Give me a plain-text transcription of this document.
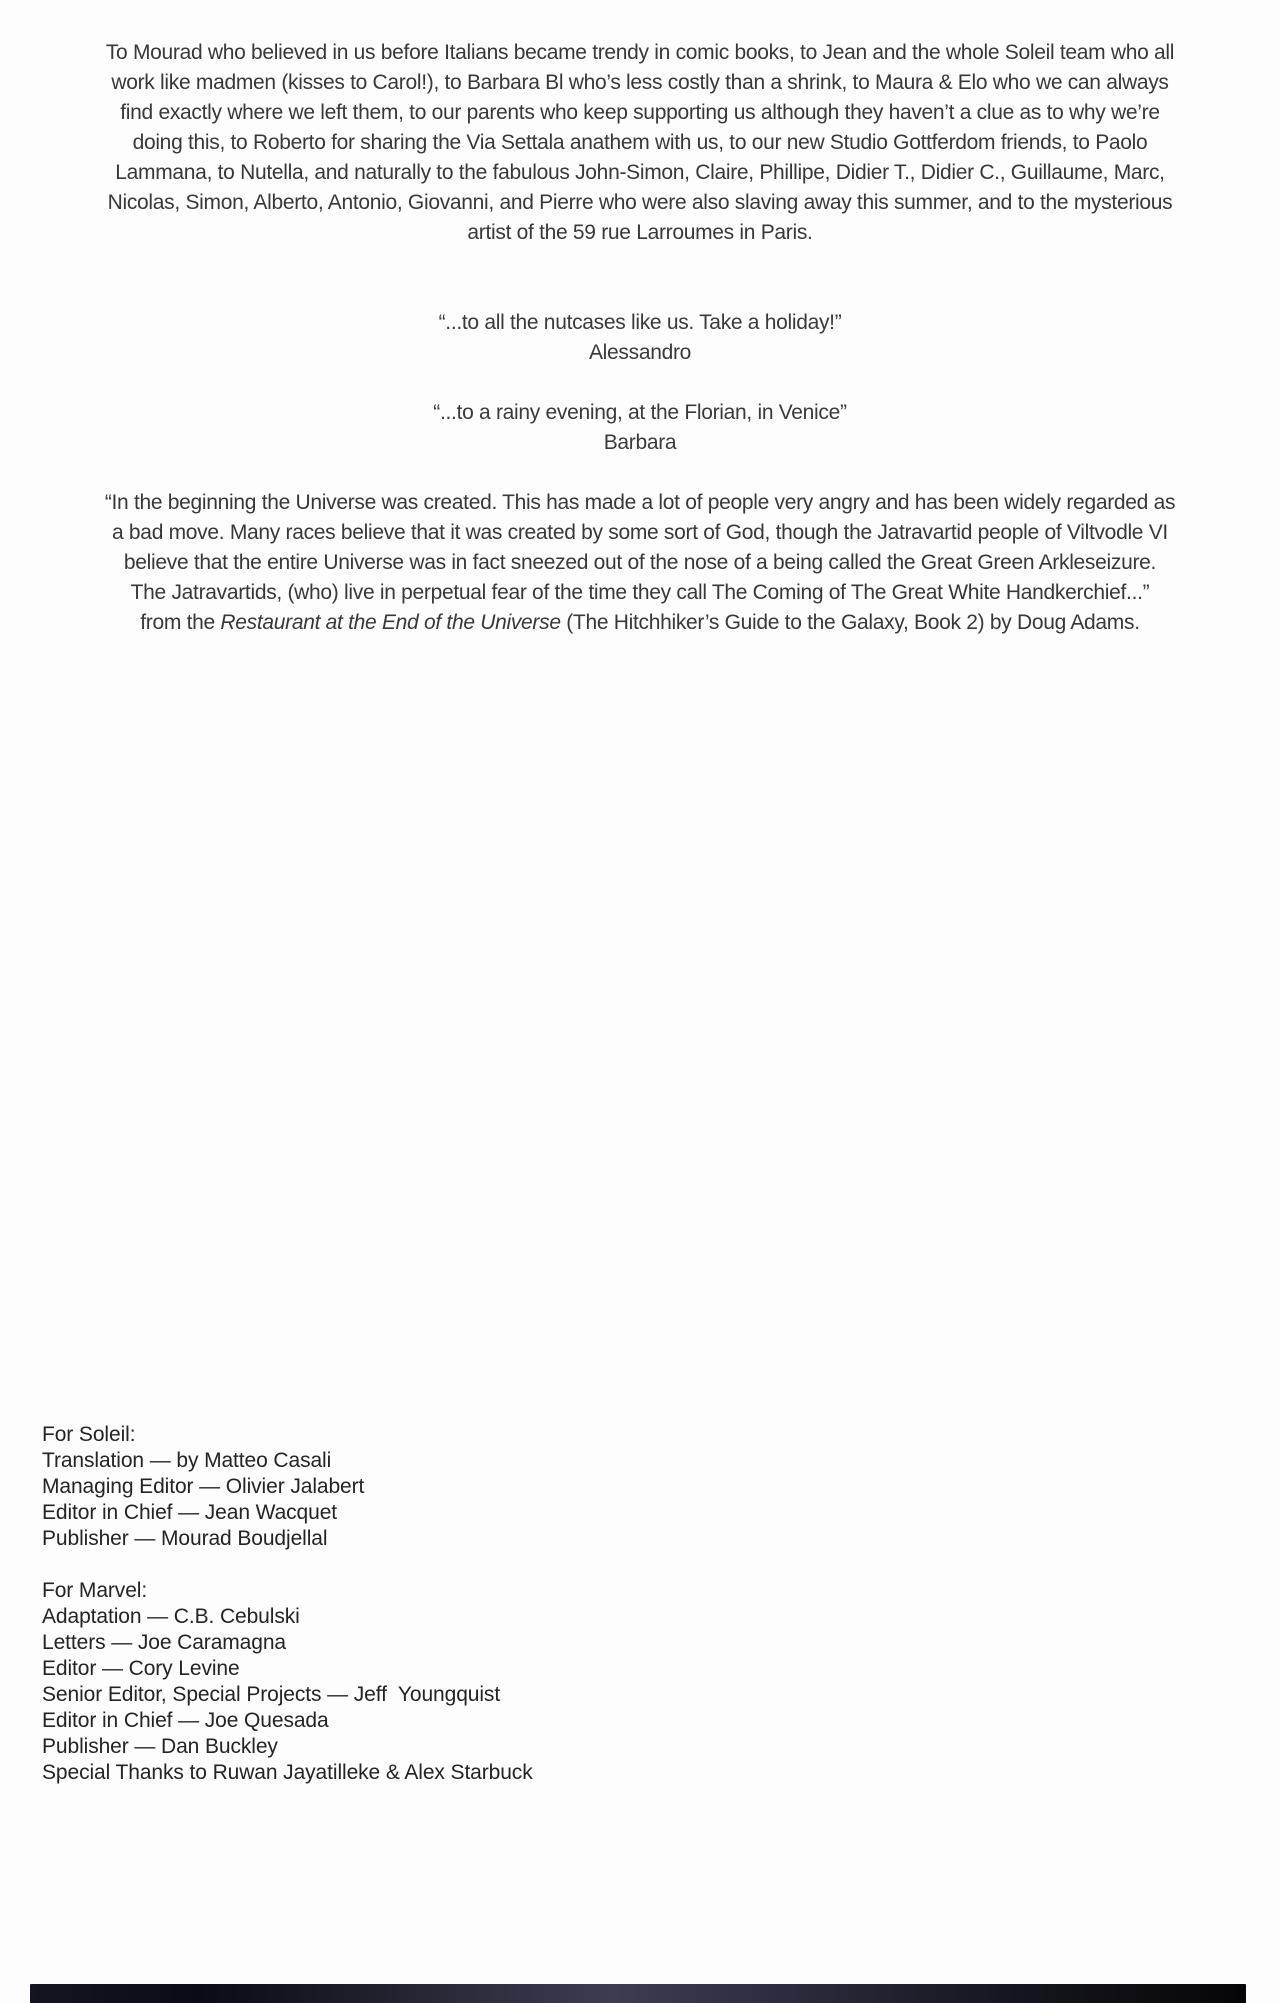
To Mourad who believed in us before Italians became trendy in comic books, to Jean and the whole Soleil team who all
work like madmen (kisses to Carol!), to Barbara Bl who’s less costly than a shrink, to Maura & Elo who we can always
find exactly where we left them, to our parents who keep supporting us although they haven’t a clue as to why we’re
doing this, to Roberto for sharing the Via Settala anathem with us, to our new Studio Gottferdom friends, to Paolo
Lammana, to Nutella, and naturally to the fabulous John-Simon, Claire, Phillipe, Didier T., Didier C., Guillaume, Marc,
Nicolas, Simon, Alberto, Antonio, Giovanni, and Pierre who were also slaving away this summer, and to the mysterious
artist of the 59 rue Larroumes in Paris.
“...to all the nutcases like us. Take a holiday!”
Alessandro
“...to a rainy evening, at the Florian, in Venice”
Barbara
“In the beginning the Universe was created. This has made a lot of people very angry and has been widely regarded as
a bad move. Many races believe that it was created by some sort of God, though the Jatravartid people of Viltvodle VI
believe that the entire Universe was in fact sneezed out of the nose of a being called the Great Green Arkleseizure.
The Jatravartids, (who) live in perpetual fear of the time they call The Coming of The Great White Handkerchief...”
from the Restaurant at the End of the Universe (The Hitchhiker’s Guide to the Galaxy, Book 2) by Doug Adams.
For Soleil:
Translation — by Matteo Casali
Managing Editor — Olivier Jalabert
Editor in Chief — Jean Wacquet
Publisher — Mourad Boudjellal
For Marvel:
Adaptation — C.B. Cebulski
Letters — Joe Caramagna
Editor — Cory Levine
Senior Editor, Special Projects — Jeff  Youngquist
Editor in Chief — Joe Quesada
Publisher — Dan Buckley
Special Thanks to Ruwan Jayatilleke & Alex Starbuck
